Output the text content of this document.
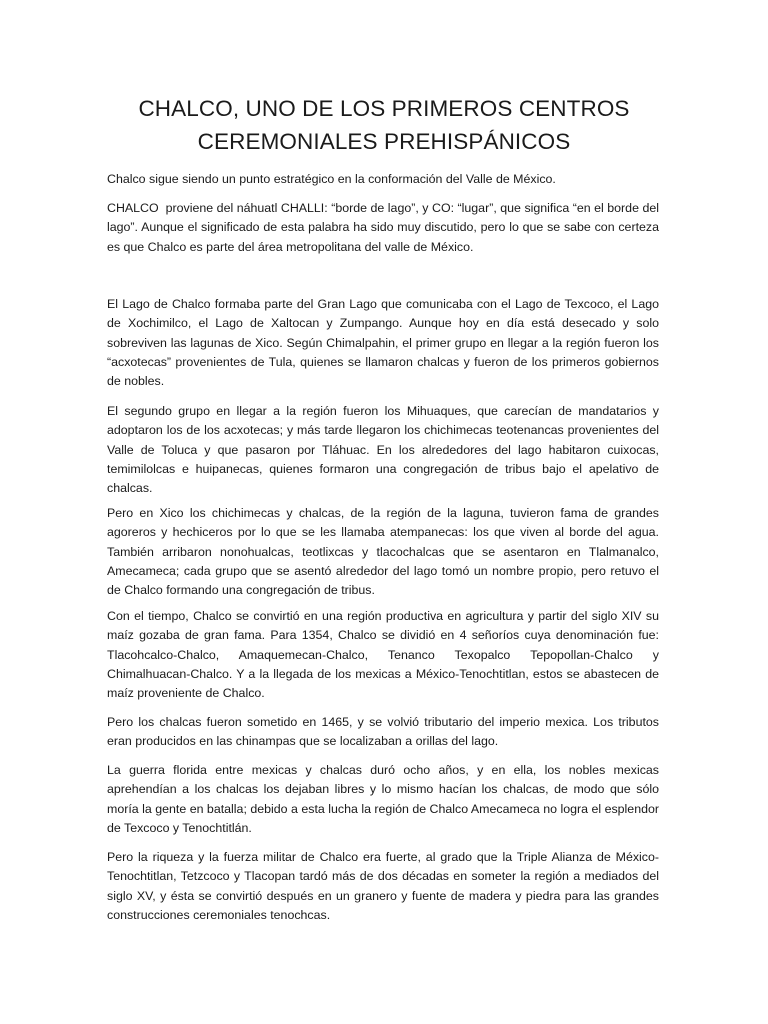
CHALCO, UNO DE LOS PRIMEROS CENTROS
CEREMONIALES PREHISPÁNICOS

Chalco sigue siendo un punto estratégico en la conformación del Valle de México.

CHALCO  proviene del náhuatl CHALLI: “borde de lago”, y CO: “lugar”, que significa “en el borde del lago”. Aunque el significado de esta palabra ha sido muy discutido, pero lo que se sabe con certeza es que Chalco es parte del área metropolitana del valle de México.

El Lago de Chalco formaba parte del Gran Lago que comunicaba con el Lago de Texcoco, el Lago de Xochimilco, el Lago de Xaltocan y Zumpango. Aunque hoy en día está desecado y solo sobreviven las lagunas de Xico. Según Chimalpahin, el primer grupo en llegar a la región fueron los “acxotecas” provenientes de Tula, quienes se llamaron chalcas y fueron de los primeros gobiernos de nobles.

El segundo grupo en llegar a la región fueron los Mihuaques, que carecían de mandatarios y adoptaron los de los acxotecas; y más tarde llegaron los chichimecas teotenancas provenientes del Valle de Toluca y que pasaron por Tláhuac. En los alrededores del lago habitaron cuixocas, temimilolcas e huipanecas, quienes formaron una congregación de tribus bajo el apelativo de chalcas.

Pero en Xico los chichimecas y chalcas, de la región de la laguna, tuvieron fama de grandes agoreros y hechiceros por lo que se les llamaba atempanecas: los que viven al borde del agua. También arribaron nonohualcas, teotlixcas y tlacochalcas que se asentaron en Tlalmanalco, Amecameca; cada grupo que se asentó alrededor del lago tomó un nombre propio, pero retuvo el de Chalco formando una congregación de tribus.

Con el tiempo, Chalco se convirtió en una región productiva en agricultura y partir del siglo XIV su maíz gozaba de gran fama. Para 1354, Chalco se dividió en 4 señoríos cuya denominación fue: Tlacohcalco-Chalco, Amaquemecan-Chalco, Tenanco Texopalco Tepopollan-Chalco y Chimalhuacan-Chalco. Y a la llegada de los mexicas a México-Tenochtitlan, estos se abastecen de maíz proveniente de Chalco.

Pero los chalcas fueron sometido en 1465, y se volvió tributario del imperio mexica. Los tributos eran producidos en las chinampas que se localizaban a orillas del lago.

La guerra florida entre mexicas y chalcas duró ocho años, y en ella, los nobles mexicas aprehendían a los chalcas los dejaban libres y lo mismo hacían los chalcas, de modo que sólo moría la gente en batalla; debido a esta lucha la región de Chalco Amecameca no logra el esplendor de Texcoco y Tenochtitlán.

Pero la riqueza y la fuerza militar de Chalco era fuerte, al grado que la Triple Alianza de México-Tenochtitlan, Tetzcoco y Tlacopan tardó más de dos décadas en someter la región a mediados del siglo XV, y ésta se convirtió después en un granero y fuente de madera y piedra para las grandes construcciones ceremoniales tenochcas.
